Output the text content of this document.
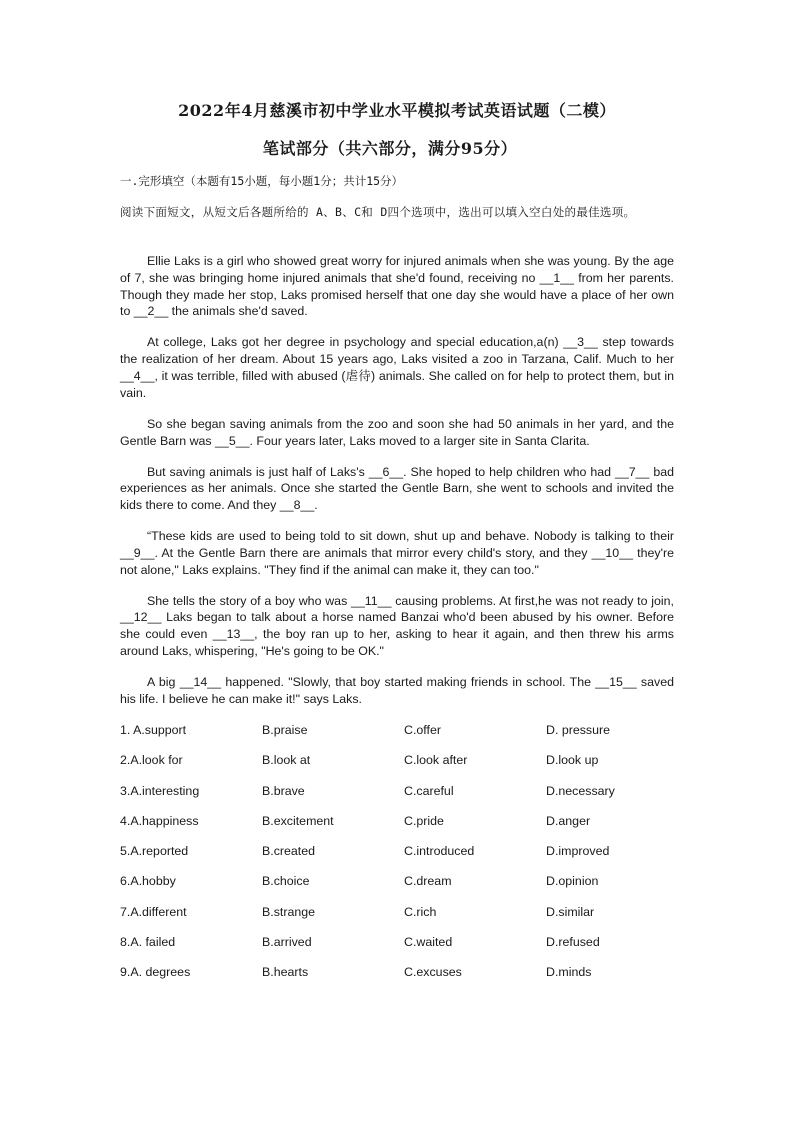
2022年4月慈溪市初中学业水平模拟考试英语试题（二模）
笔试部分（共六部分，满分95分）
一.完形填空（本题有15小题，每小题1分；共计15分）
阅读下面短文，从短文后各题所给的 A、B、C和 D四个选项中，选出可以填入空白处的最佳选项。

Ellie Laks is a girl who showed great worry for injured animals when she was young. By the age of 7, she was bringing home injured animals that she'd found, receiving no __1__ from her parents. Though they made her stop, Laks promised herself that one day she would have a place of her own to __2__ the animals she'd saved.

At college, Laks got her degree in psychology and special education,a(n) __3__ step towards the realization of her dream. About 15 years ago, Laks visited a zoo in Tarzana, Calif. Much to her __4__, it was terrible, filled with abused (虐待) animals. She called on for help to protect them, but in vain.

So she began saving animals from the zoo and soon she had 50 animals in her yard, and the Gentle Barn was __5__. Four years later, Laks moved to a larger site in Santa Clarita.

But saving animals is just half of Laks's __6__. She hoped to help children who had __7__ bad experiences as her animals. Once she started the Gentle Barn, she went to schools and invited the kids there to come. And they __8__.

“These kids are used to being told to sit down, shut up and behave. Nobody is talking to their __9__. At the Gentle Barn there are animals that mirror every child's story, and they __10__ they're not alone," Laks explains. "They find if the animal can make it, they can too."

She tells the story of a boy who was __11__ causing problems. At first,he was not ready to join, __12__ Laks began to talk about a horse named Banzai who'd been abused by his owner. Before she could even __13__, the boy ran up to her, asking to hear it again, and then threw his arms around Laks, whispering, "He's going to be OK."

A big __14__ happened. "Slowly, that boy started making friends in school. The __15__ saved his life. I believe he can make it!" says Laks.

1. A.support	B.praise	C.offer	D. pressure
2.A.look for	B.look at	C.look after	D.look up
3.A.interesting	B.brave	C.careful	D.necessary
4.A.happiness	B.excitement	C.pride	D.anger
5.A.reported	B.created	C.introduced	D.improved
6.A.hobby	B.choice	C.dream	D.opinion
7.A.different	B.strange	C.rich	D.similar
8.A. failed	B.arrived	C.waited	D.refused
9.A. degrees	B.hearts	C.excuses	D.minds
